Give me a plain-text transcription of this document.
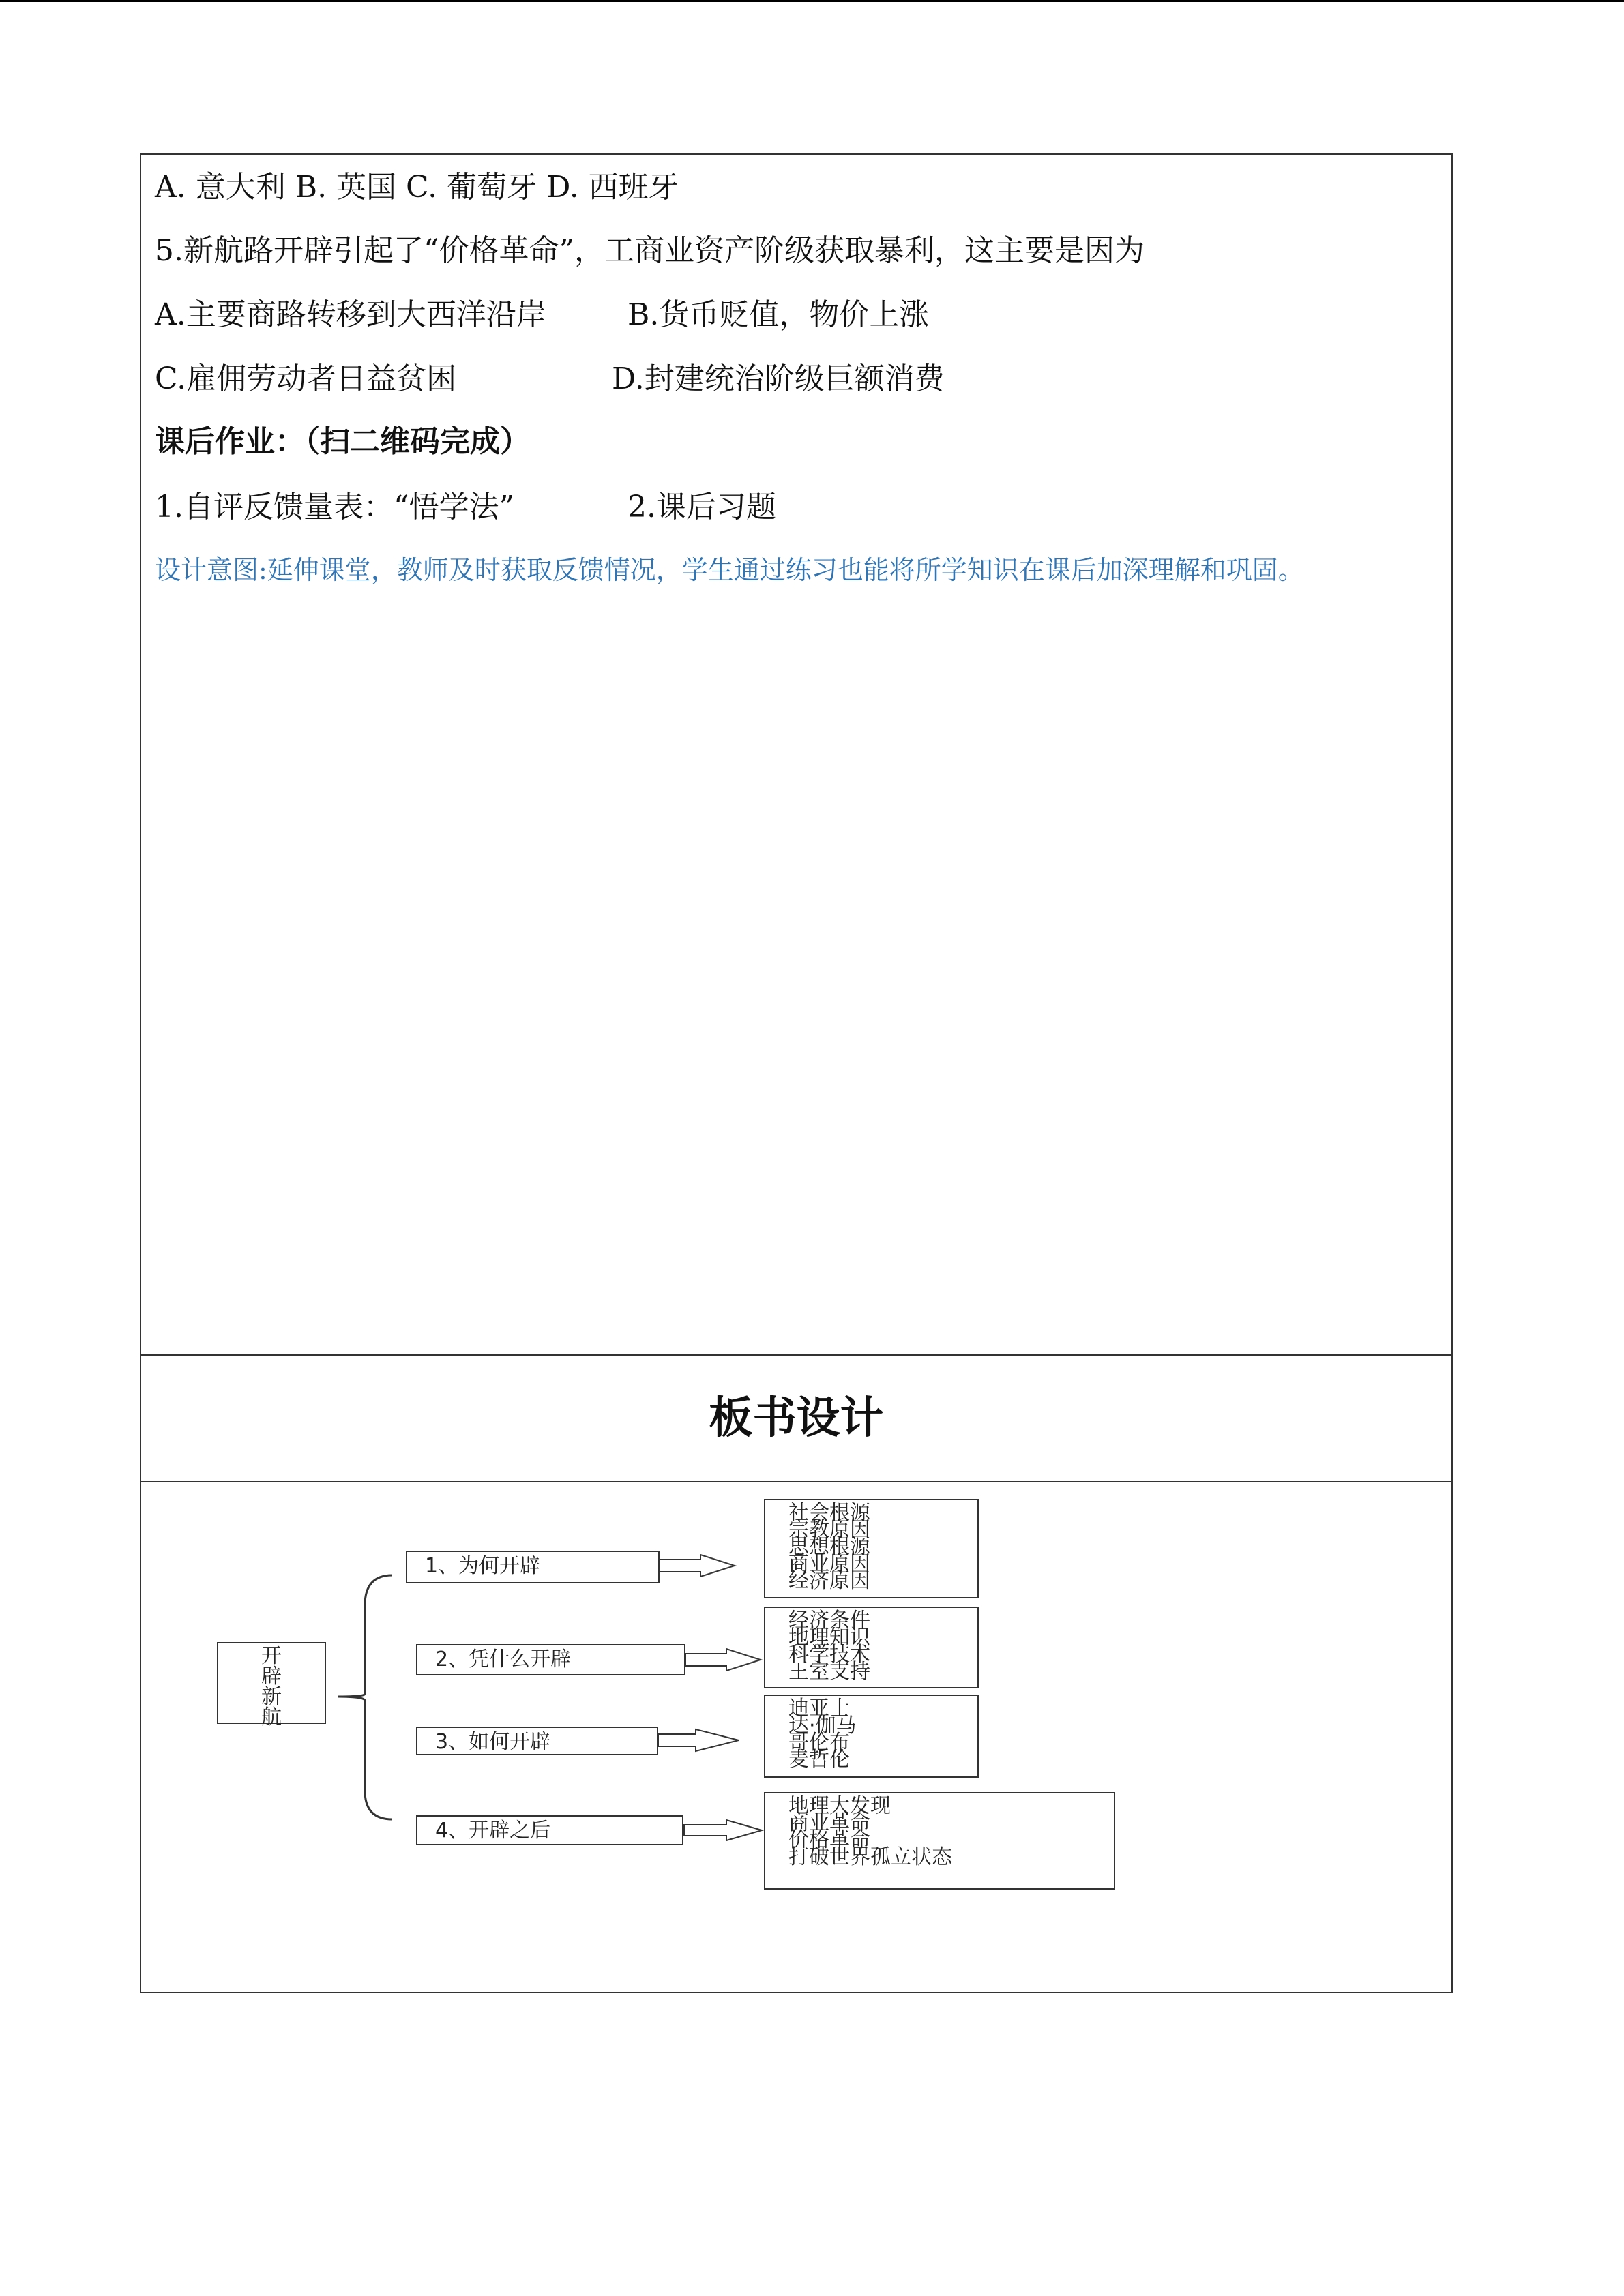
A. 意大利 B. 英国 C. 葡萄牙 D. 西班牙
5.新航路开辟引起了“价格革命”，工商业资产阶级获取暴利，这主要是因为
A.主要商路转移到大西洋沿岸	B.货币贬值，物价上涨
C.雇佣劳动者日益贫困	D.封建统治阶级巨额消费
课后作业：（扫二维码完成）
1.自评反馈量表：“悟学法”	2.课后习题
设计意图:延伸课堂，教师及时获取反馈情况，学生通过练习也能将所学知识在课后加深理解和巩固。
板书设计
开
辟
新
航
1、为何开辟
2、凭什么开辟
3、如何开辟
4、开辟之后
社会根源
宗教原因
思想根源
商业原因
经济原因
经济条件
地理知识
科学技术
王室支持
迪亚士
达·伽马
哥伦布
麦哲伦
地理大发现
商业革命
价格革命
打破世界孤立状态
